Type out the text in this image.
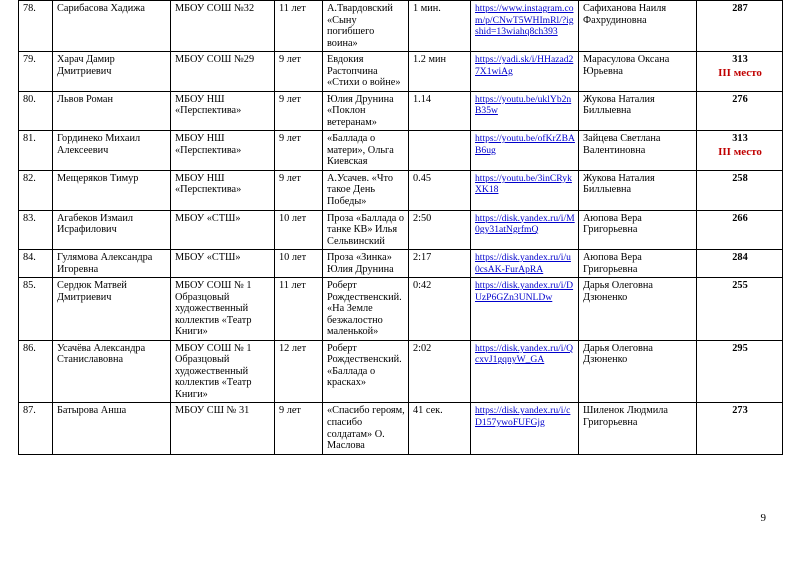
78.	Сарибасова Хадижа	МБОУ СОШ №32	11 лет	А.Твардовский «Сыну погибшего воина»	1 мин.	https://www.instagram.com/p/CNwT5WHImRl/?igshid=13wiahq8ch393	Сафиханова Наиля Фахрудиновна	287
79.	Харач Дамир Дмитриевич	МБОУ СОШ №29	9 лет	Евдокия Растопчина «Стихи о войне»	1.2 мин	https://yadi.sk/i/HHazad27X1wiAg	Марасулова Оксана Юрьевна	313
III место

80.	Львов Роман	МБОУ НШ «Перспектива»	9 лет	Юлия Друнина «Поклон ветеранам»	1.14	https://youtu.be/uklYb2nB35w	Жукова Наталия Биллыевна	276
81.	Гординеко Михаил Алексеевич	МБОУ НШ «Перспектива»	9 лет	«Баллада о матери», Ольга Киевская		https://youtu.be/ofKrZBAB6ug	Зайцева Светлана Валентиновна	313
III место

82.	Мещеряков Тимур	МБОУ НШ «Перспектива»	9 лет	А.Усачев. «Что такое День Победы»	0.45	https://youtu.be/3inCRykXK18	Жукова Наталия Биллыевна	258
83.	Агабеков Измаил Исрафилович	МБОУ «СТШ»	10 лет	Проза «Баллада о танке КВ» Илья Сельвинский	2:50	https://disk.yandex.ru/i/M0gy31atNgrfmQ	Аюпова Вера Григорьевна	266
84.	Гулямова Александра Игоревна	МБОУ «СТШ»	10 лет	Проза «Зинка» Юлия Друнина	2:17	https://disk.yandex.ru/i/u0csAK-FurApRA	Аюпова Вера Григорьевна	284
85.	Сердюк Матвей Дмитриевич	МБОУ СОШ № 1 Образцовый художественный коллектив «Театр Книги»	11 лет	Роберт Рождественский. «На Земле безжалостно маленькой»	0:42	https://disk.yandex.ru/i/DUzP6GZn3UNLDw	Дарья Олеговна Дзюненко	255
86.	Усачёва Александра Станиславовна	МБОУ СОШ № 1 Образцовый художественный коллектив «Театр Книги»	12 лет	Роберт Рождественский. «Баллада о красках»	2:02	https://disk.yandex.ru/i/QcxvJ1gqnyW_GA	Дарья Олеговна Дзюненко	295
87.	Батырова Анша	МБОУ СШ № 31	9 лет	«Спасибо героям, спасибо солдатам» О. Маслова	41 сек.	https://disk.yandex.ru/i/cD157ywoFUFGjg	Шиленок Людмила Григорьевна	273
9
